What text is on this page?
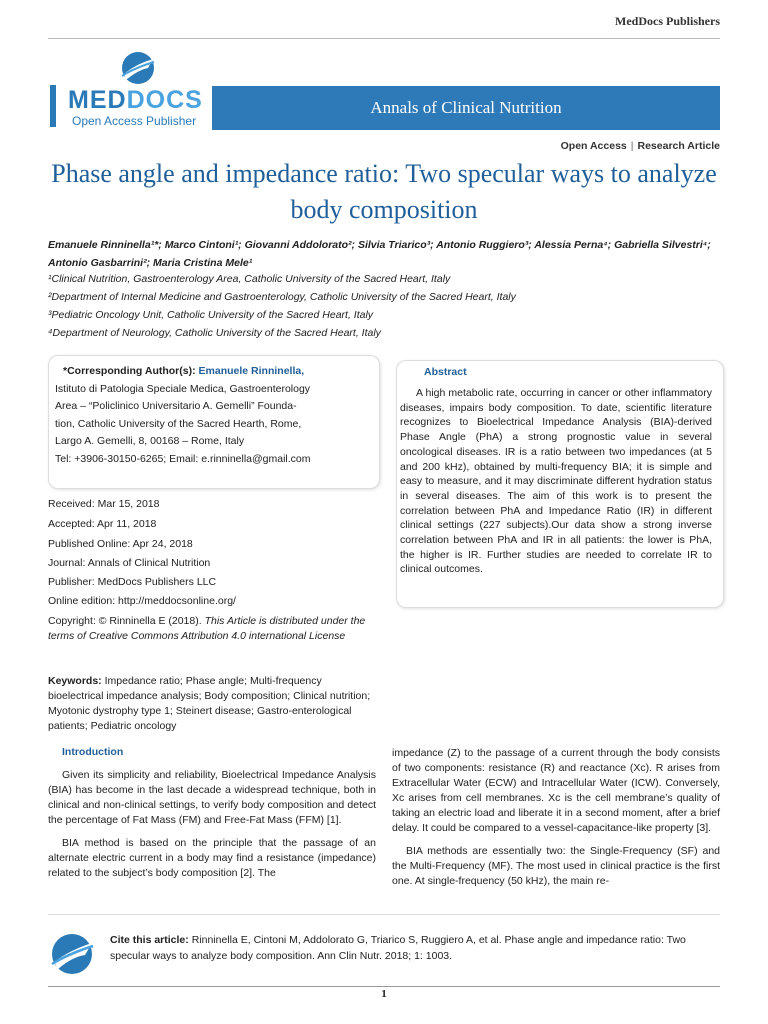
MedDocs Publishers
MEDDOCS
Open Access Publisher
Annals of Clinical Nutrition
Open Access | Research Article
Phase angle and impedance ratio: Two specular ways to analyze body composition
Emanuele Rinninella¹*; Marco Cintoni¹; Giovanni Addolorato²; Silvia Triarico³; Antonio Ruggiero³; Alessia Perna⁴; Gabriella Silvestri⁴; Antonio Gasbarrini²; Maria Cristina Mele¹
¹Clinical Nutrition, Gastroenterology Area, Catholic University of the Sacred Heart, Italy
²Department of Internal Medicine and Gastroenterology, Catholic University of the Sacred Heart, Italy
³Pediatric Oncology Unit, Catholic University of the Sacred Heart, Italy
⁴Department of Neurology, Catholic University of the Sacred Heart, Italy
*Corresponding Author(s): Emanuele Rinninella,
Istituto di Patologia Speciale Medica, Gastroenterology
Area – “Policlinico Universitario A. Gemelli” Founda-
tion, Catholic University of the Sacred Hearth, Rome,
Largo A. Gemelli, 8, 00168 – Rome, Italy
Tel: +3906-30150-6265; Email: e.rinninella@gmail.com
Abstract
A high metabolic rate, occurring in cancer or other inflammatory diseases, impairs body composition. To date, scientific literature recognizes to Bioelectrical Impedance Analysis (BIA)-derived Phase Angle (PhA) a strong prognostic value in several oncological diseases. IR is a ratio between two impedances (at 5 and 200 kHz), obtained by multi-frequency BIA; it is simple and easy to measure, and it may discriminate different hydration status in several diseases. The aim of this work is to present the correlation between PhA and Impedance Ratio (IR) in different clinical settings (227 subjects).Our data show a strong inverse correlation between PhA and IR in all patients: the lower is PhA, the higher is IR. Further studies are needed to correlate IR to clinical outcomes.
Received: Mar 15, 2018
Accepted: Apr 11, 2018
Published Online: Apr 24, 2018
Journal: Annals of Clinical Nutrition
Publisher: MedDocs Publishers LLC
Online edition: http://meddocsonline.org/
Copyright: © Rinninella E (2018). This Article is distributed under the terms of Creative Commons Attribution 4.0 international License
Keywords: Impedance ratio; Phase angle; Multi-frequency bioelectrical impedance analysis; Body composition; Clinical nutrition; Myotonic dystrophy type 1; Steinert disease; Gastro-enterological patients; Pediatric oncology
Introduction

Given its simplicity and reliability, Bioelectrical Impedance Analysis (BIA) has become in the last decade a widespread technique, both in clinical and non-clinical settings, to verify body composition and detect the percentage of Fat Mass (FM) and Free-Fat Mass (FFM) [1].

BIA method is based on the principle that the passage of an alternate electric current in a body may find a resistance (impedance) related to the subject’s body composition [2]. The

impedance (Z) to the passage of a current through the body consists of two components: resistance (R) and reactance (Xc). R arises from Extracellular Water (ECW) and Intracellular Water (ICW). Conversely, Xc arises from cell membranes. Xc is the cell membrane’s quality of taking an electric load and liberate it in a second moment, after a brief delay. It could be compared to a vessel-capacitance-like property [3].

BIA methods are essentially two: the Single-Frequency (SF) and the Multi-Frequency (MF). The most used in clinical practice is the first one. At single-frequency (50 kHz), the main re-

Cite this article: Rinninella E, Cintoni M, Addolorato G, Triarico S, Ruggiero A, et al. Phase angle and impedance ratio: Two specular ways to analyze body composition. Ann Clin Nutr. 2018; 1: 1003.
1
